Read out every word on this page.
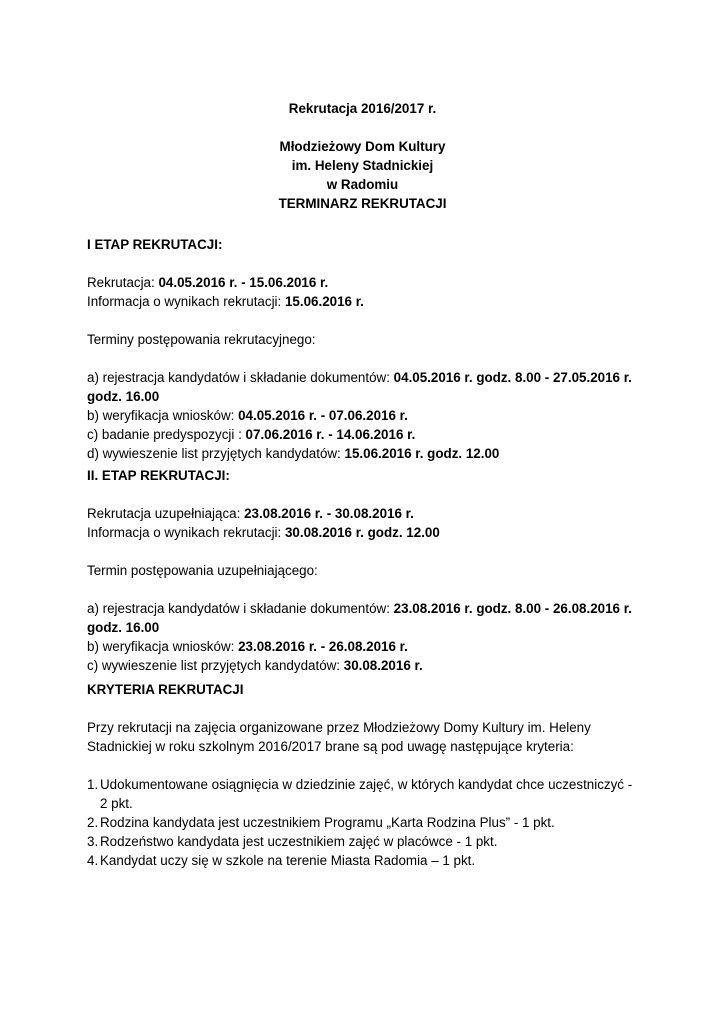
Rekrutacja 2016/2017 r.
Młodzieżowy Dom Kultury
im. Heleny Stadnickiej
w Radomiu
TERMINARZ REKRUTACJI
I ETAP REKRUTACJI:
Rekrutacja: 04.05.2016 r. - 15.06.2016 r.
Informacja o wynikach rekrutacji: 15.06.2016 r.
Terminy postępowania rekrutacyjnego:
a) rejestracja kandydatów i składanie dokumentów: 04.05.2016 r. godz. 8.00 - 27.05.2016 r.
godz. 16.00
b) weryfikacja wniosków: 04.05.2016 r. - 07.06.2016 r.
c) badanie predyspozycji : 07.06.2016 r. - 14.06.2016 r.
d) wywieszenie list przyjętych kandydatów: 15.06.2016 r. godz. 12.00
II. ETAP REKRUTACJI:
Rekrutacja uzupełniająca: 23.08.2016 r. - 30.08.2016 r.
Informacja o wynikach rekrutacji: 30.08.2016 r. godz. 12.00
Termin postępowania uzupełniającego:
a) rejestracja kandydatów i składanie dokumentów: 23.08.2016 r. godz. 8.00 - 26.08.2016 r.
godz. 16.00
b) weryfikacja wniosków: 23.08.2016 r. - 26.08.2016 r.
c) wywieszenie list przyjętych kandydatów: 30.08.2016 r.
KRYTERIA REKRUTACJI
Przy rekrutacji na zajęcia organizowane przez Młodzieżowy Domy Kultury im. Heleny
Stadnickiej w roku szkolnym 2016/2017 brane są pod uwagę następujące kryteria:
1. Udokumentowane osiągnięcia w dziedzinie zajęć, w których kandydat chce uczestniczyć -
2 pkt.
2. Rodzina kandydata jest uczestnikiem Programu „Karta Rodzina Plus” - 1 pkt.
3. Rodzeństwo kandydata jest uczestnikiem zajęć w placówce - 1 pkt.
4. Kandydat uczy się w szkole na terenie Miasta Radomia – 1 pkt.
